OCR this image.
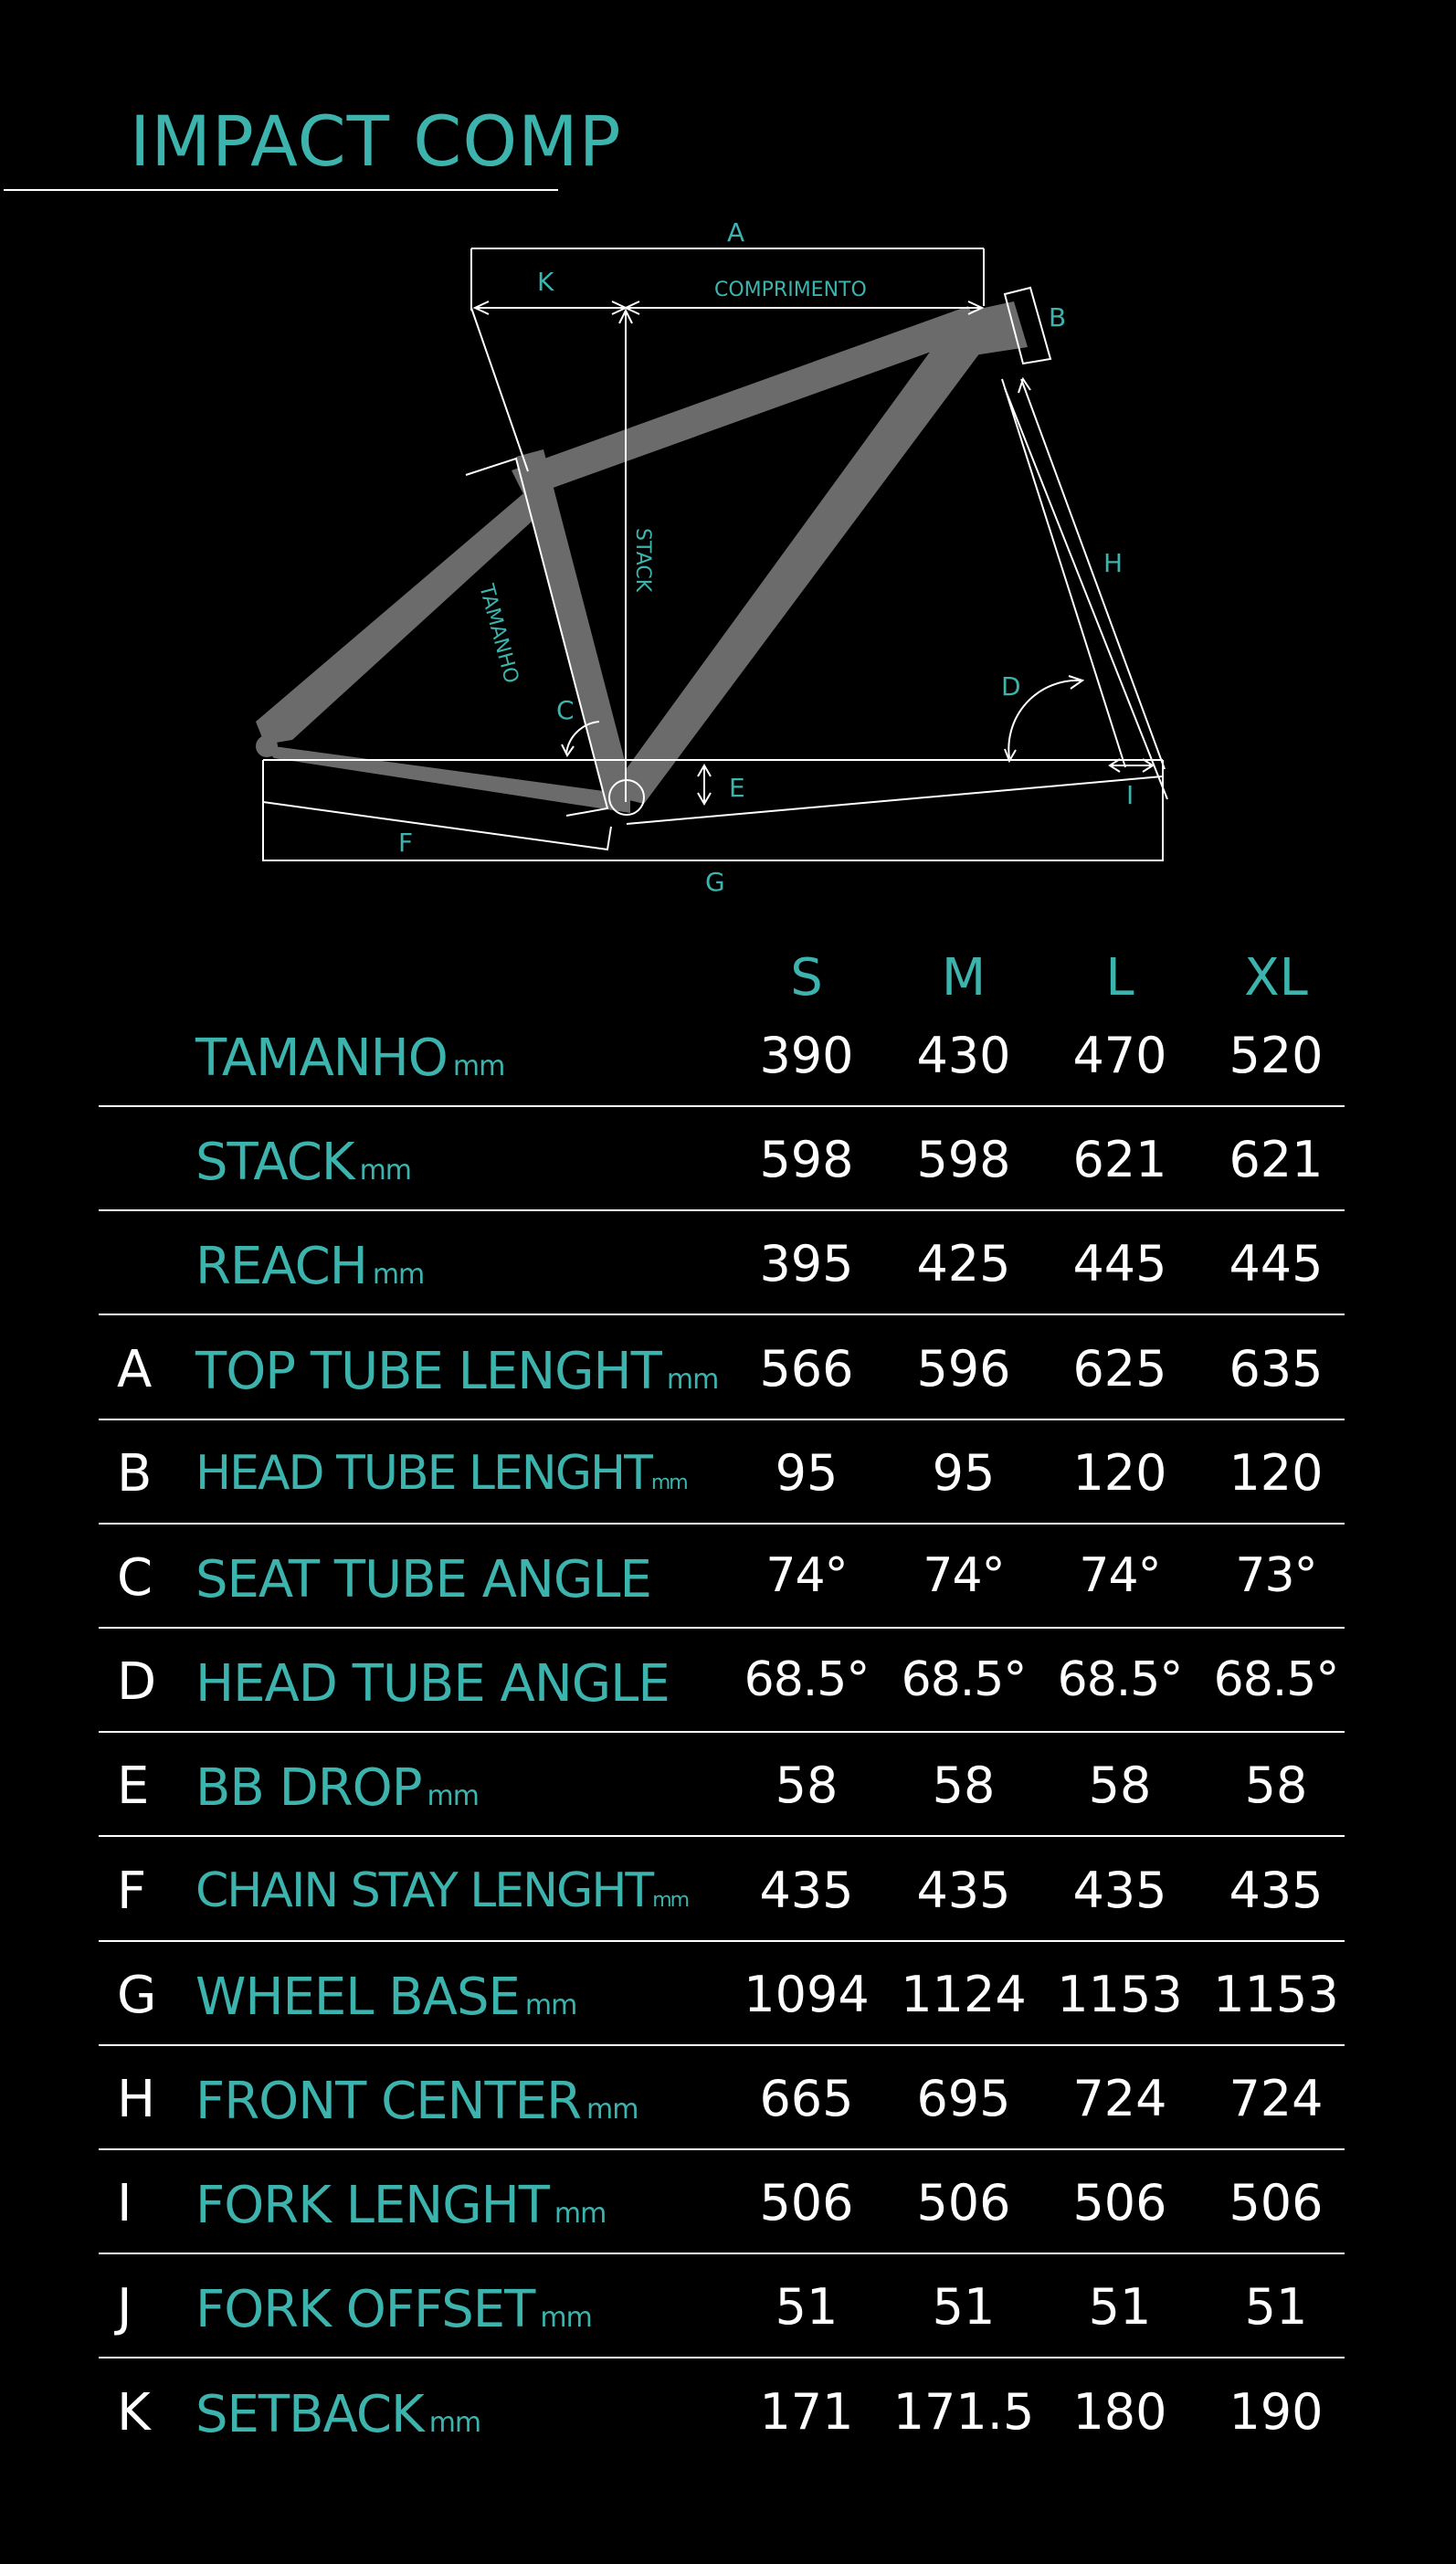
IMPACT COMP
A
K	COMPRIMENTO
B
STACK
TAMANHO
H
C
D
E	I
F
G
S	M	L	XL
TAMANHO mm	390	430	470	520
STACK mm	598	598	621	621
REACH mm	395	425	445	445
A TOP TUBE LENGHT mm 566	596	625	635
B HEAD TUBE LENGHTmm	95	95	120	120
C SEAT TUBE ANGLE	74°	74°	74°	73°
D HEAD TUBE ANGLE	68.5° 68.5° 68.5° 68.5°
E BB DROP mm	58	58	58	58
F	CHAIN STAY LENGHTmm	435	435	435	435
G WHEEL BASE mm	1094 1124 1153 1153
H FRONT CENTER mm	665	695	724	724
I	FORK LENGHT mm	506	506	506	506
J	FORK OFFSET mm	51	51	51	51
K SETBACK mm	171 171.5 180	190
